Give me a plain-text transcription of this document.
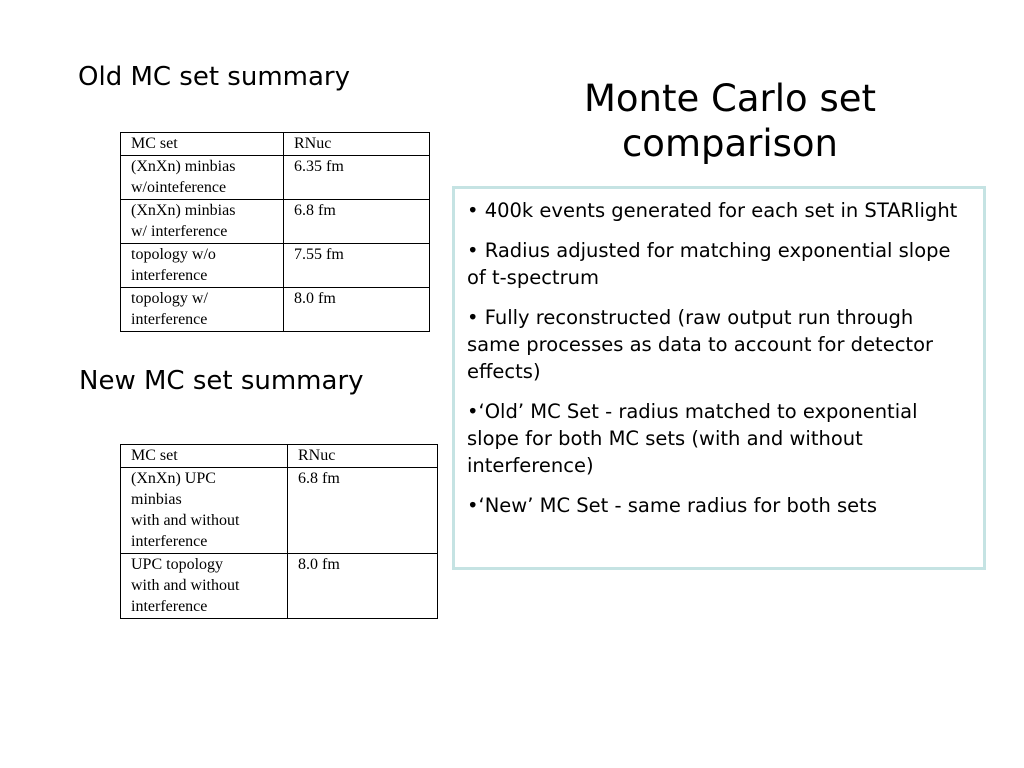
Old MC set summary
MC set	RNuc
(XnXn) minbias
w/ointeference	6.35 fm
(XnXn) minbias
w/ interference	6.8 fm
topology w/o
interference	7.55 fm
topology w/
interference	8.0 fm
New MC set summary
MC set	RNuc
(XnXn) UPC
minbias
with and without
interference	6.8 fm
UPC topology
with and without
interference	8.0 fm
Monte Carlo set comparison

• 400k events generated for each set in STARlight

• Radius adjusted for matching exponential slope of t-spectrum

• Fully reconstructed (raw output run through same processes as data to account for detector effects)

•‘Old’ MC Set - radius matched to exponential slope for both MC sets (with and without interference)

•‘New’ MC Set - same radius for both sets
